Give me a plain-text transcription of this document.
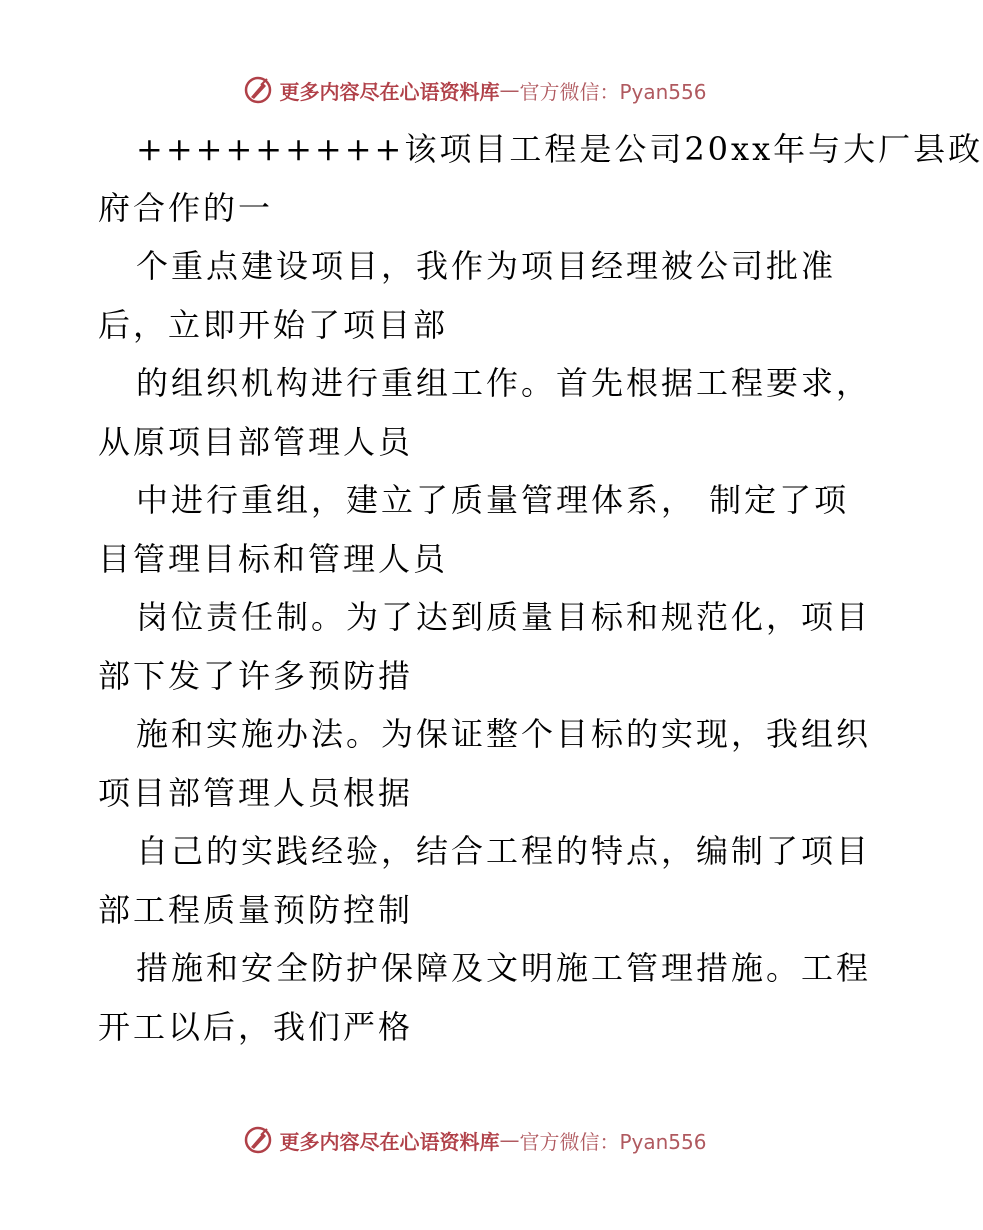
更多内容尽在心语资料库 — 官方微信：Pyan556
+++++++++该项目工程是公司20xx年与大厂县政
府合作的一
个重点建设项目，我作为项目经理被公司批准
后，立即开始了项目部
的组织机构进行重组工作。首先根据工程要求，
从原项目部管理人员
中进行重组，建立了质量管理体系， 制定了项
目管理目标和管理人员
岗位责任制。为了达到质量目标和规范化，项目
部下发了许多预防措
施和实施办法。为保证整个目标的实现，我组织
项目部管理人员根据
自己的实践经验，结合工程的特点，编制了项目
部工程质量预防控制
措施和安全防护保障及文明施工管理措施。工程
开工以后，我们严格
更多内容尽在心语资料库 — 官方微信：Pyan556
